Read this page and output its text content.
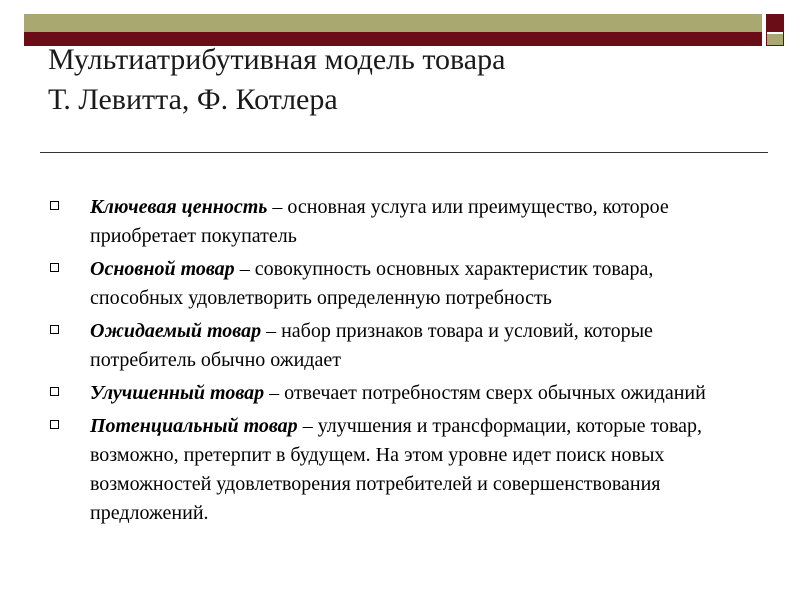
Мультиатрибутивная модель товара
Т. Левитта, Ф. Котлера
Ключевая ценность – основная услуга или преимущество, которое приобретает покупатель
Основной товар – совокупность основных характеристик товара, способных удовлетворить определенную потребность
Ожидаемый товар – набор признаков товара и условий, которые потребитель обычно ожидает
Улучшенный товар – отвечает потребностям сверх обычных ожиданий
Потенциальный товар – улучшения и трансформации, которые товар, возможно, претерпит в будущем. На этом уровне идет поиск новых возможностей удовлетворения потребителей и совершенствования предложений.
